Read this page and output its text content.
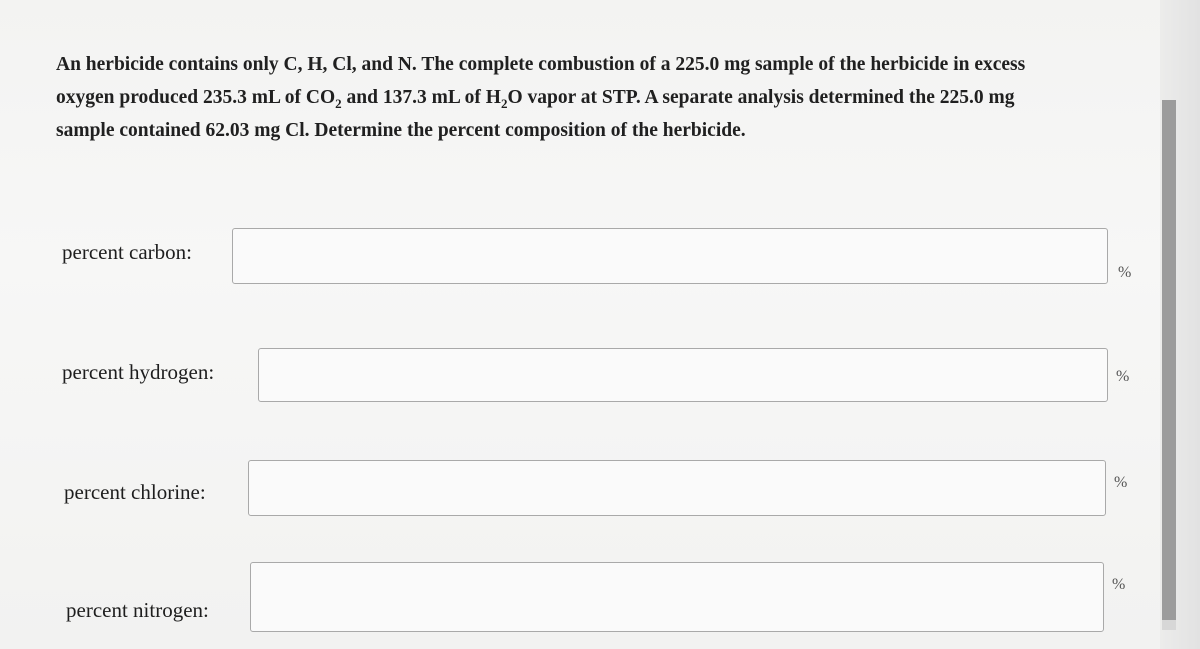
An herbicide contains only C, H, Cl, and N. The complete combustion of a 225.0 mg sample of the herbicide in excess
oxygen produced 235.3 mL of $CO_2$ and 137.3 mL of $H_2O$ vapor at STP. A separate analysis determined the 225.0 mg
sample contained 62.03 mg Cl. Determine the percent composition of the herbicide.
percent carbon:
%
percent hydrogen:	%
percent chlorine:	%
percent nitrogen:
%
